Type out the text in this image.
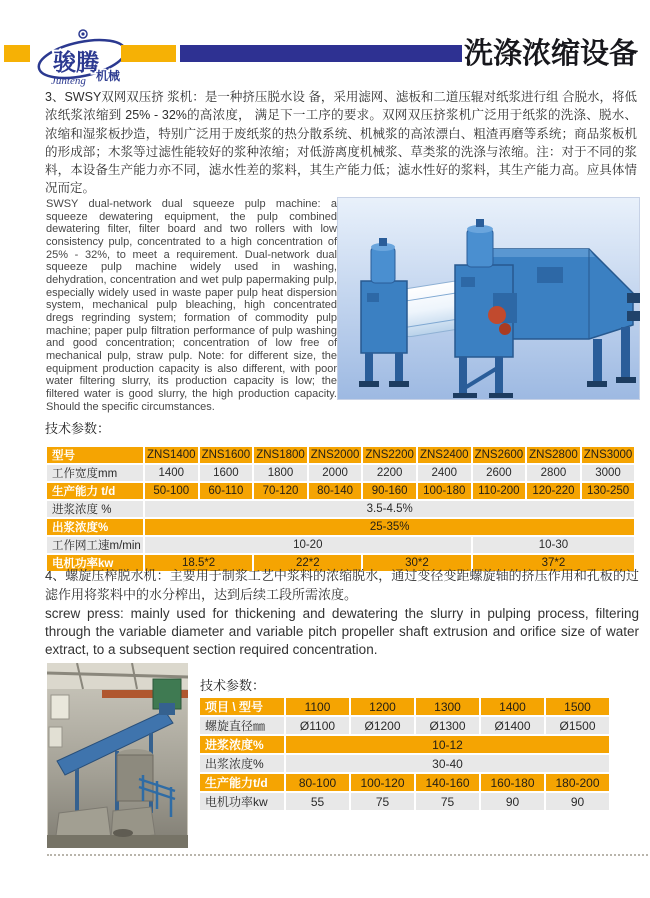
骏腾
机械
Junteng
洗涤浓缩设备

3、SWSY双网双压挤 浆机：是一种挤压脱水设 备，采用滤网、滤板和二道压辊对纸浆进行组 合脱水，将低浓纸浆浓缩到 25% - 32%的高浓度， 满足下一工序的要求。双网双压挤浆机广泛用于纸浆的洗涤、脱水、浓缩和湿浆板抄造，特别广泛用于废纸浆的热分散系统、机械浆的高浓漂白、粗渣再磨等系统；商品浆板机的形成部；木浆等过滤性能较好的浆种浓缩；对低游离度机械浆、草类浆的洗涤与浓缩。注：对于不同的浆料，本设备生产能力亦不同，滤水性差的浆料，其生产能力低；滤水性好的浆料，其生产能力高。应具体情况而定。

SWSY dual-network dual squeeze pulp machine: a squeeze dewatering equipment, the pulp combined dewatering filter, filter board and two rollers with low consistency pulp, concentrated to a high concentration of 25% - 32%, to meet a requirement. Dual-network dual squeeze pulp machine widely used in washing, dehydration, concentration and wet pulp papermaking pulp, especially widely used in waste paper pulp heat dispersion system, mechanical pulp bleaching, high concentrated dregs regrinding system; formation of commodity pulp machine; paper pulp filtration performance of pulp washing and good concentration; concentration of low free of mechanical pulp, straw pulp. Note: for different size, the equipment production capacity is also different, with poor water filtering slurry, its production capacity is low; the filtered water is good slurry, the high production capacity. Should the specific circumstances.

技术参数：
型号	ZNS1400	ZNS1600	ZNS1800	ZNS2000	ZNS2200	ZNS2400	ZNS2600	ZNS2800	ZNS3000
工作宽度mm	1400	1600	1800	2000	2200	2400	2600	2800	3000
生产能力 t/d	50-100	60-110	70-120	80-140	90-160	100-180	110-200	120-220	130-250
进浆浓度 %	3.5-4.5%								
出浆浓度%	25-35%								
工作网工速m/min	10-20						10-30		
电机功率kw	18.5*2		22*2		30*2		37*2		

4、螺旋压榨脱水机：主要用于制浆工艺中浆料的浓缩脱水，通过变径变距螺旋轴的挤压作用和孔板的过滤作用将浆料中的水分榨出，达到后续工段所需浓度。

screw press: mainly used for thickening and dewatering the slurry in pulping process, filtering through the variable diameter and variable pitch propeller shaft extrusion and orifice size of water extract, to a subsequent section required concentration.

技术参数：
项目 \ 型号	1100	1200	1300	1400	1500
螺旋直径㎜	Ø1100	Ø1200	Ø1300	Ø1400	Ø1500
进浆浓度%	10-12				
出浆浓度%	30-40				
生产能力t/d	80-100	100-120	140-160	160-180	180-200
电机功率kw	55	75	75	90	90
